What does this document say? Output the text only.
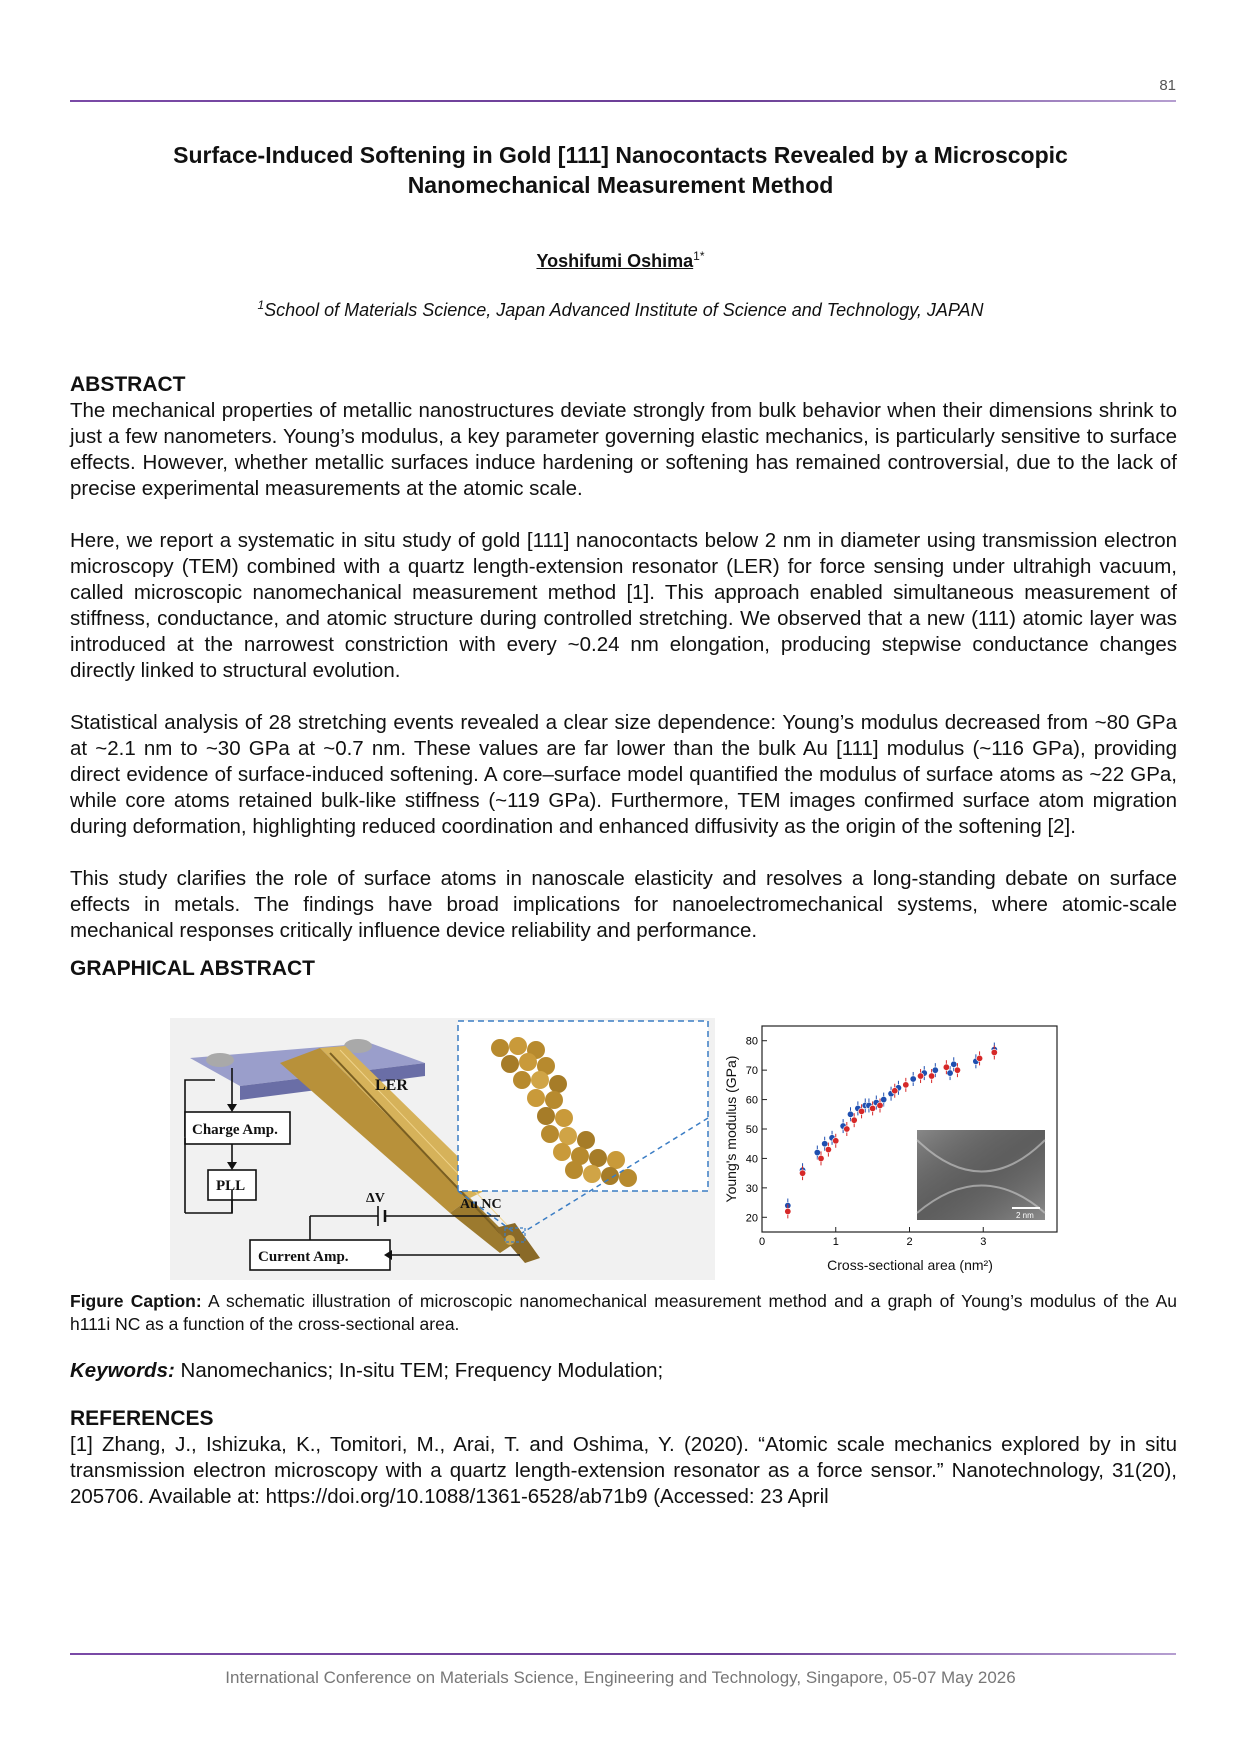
81
Surface-Induced Softening in Gold [111] Nanocontacts Revealed by a Microscopic Nanomechanical Measurement Method
Yoshifumi Oshima$^{1*}$
$^1$School of Materials Science, Japan Advanced Institute of Science and Technology, JAPAN
ABSTRACT

The mechanical properties of metallic nanostructures deviate strongly from bulk behavior when their dimensions shrink to just a few nanometers. Young’s modulus, a key parameter governing elastic mechanics, is particularly sensitive to surface effects. However, whether metallic surfaces induce hardening or softening has remained controversial, due to the lack of precise experimental measurements at the atomic scale.

Here, we report a systematic in situ study of gold [111] nanocontacts below 2 nm in diameter using transmission electron microscopy (TEM) combined with a quartz length-extension resonator (LER) for force sensing under ultrahigh vacuum, called microscopic nanomechanical measurement method [1]. This approach enabled simultaneous measurement of stiffness, conductance, and atomic structure during controlled stretching. We observed that a new (111) atomic layer was introduced at the narrowest constriction with every ~0.24 nm elongation, producing stepwise conductance changes directly linked to structural evolution.

Statistical analysis of 28 stretching events revealed a clear size dependence: Young’s modulus decreased from ~80 GPa at ~2.1 nm to ~30 GPa at ~0.7 nm. These values are far lower than the bulk Au [111] modulus (~116 GPa), providing direct evidence of surface-induced softening. A core–surface model quantified the modulus of surface atoms as ~22 GPa, while core atoms retained bulk-like stiffness (~119 GPa). Furthermore, TEM images confirmed surface atom migration during deformation, highlighting reduced coordination and enhanced diffusivity as the origin of the softening [2].

This study clarifies the role of surface atoms in nanoscale elasticity and resolves a long-standing debate on surface effects in metals. The findings have broad implications for nanoelectromechanical systems, where atomic-scale mechanical responses critically influence device reliability and performance.

GRAPHICAL ABSTRACT
LER
Charge Amp.
PLL
ΔV	Au NC
Current Amp.
20
30
40
50
60
70
80
0	1	2	3
2 nm
Young's modulus (GPa)
Cross-sectional area (nm²)
Figure Caption: A schematic illustration of microscopic nanomechanical measurement method and a graph of Young’s modulus of the Au h111i NC as a function of the cross-sectional area.
Keywords: Nanomechanics; In-situ TEM; Frequency Modulation;
REFERENCES
[1] Zhang, J., Ishizuka, K., Tomitori, M., Arai, T. and Oshima, Y. (2020). “Atomic scale mechanics explored by in situ transmission electron microscopy with a quartz length-extension resonator as a force sensor.” Nanotechnology, 31(20), 205706. Available at: https://doi.org/10.1088/1361-6528/ab71b9 (Accessed: 23 April
International Conference on Materials Science, Engineering and Technology, Singapore, 05-07 May 2026
